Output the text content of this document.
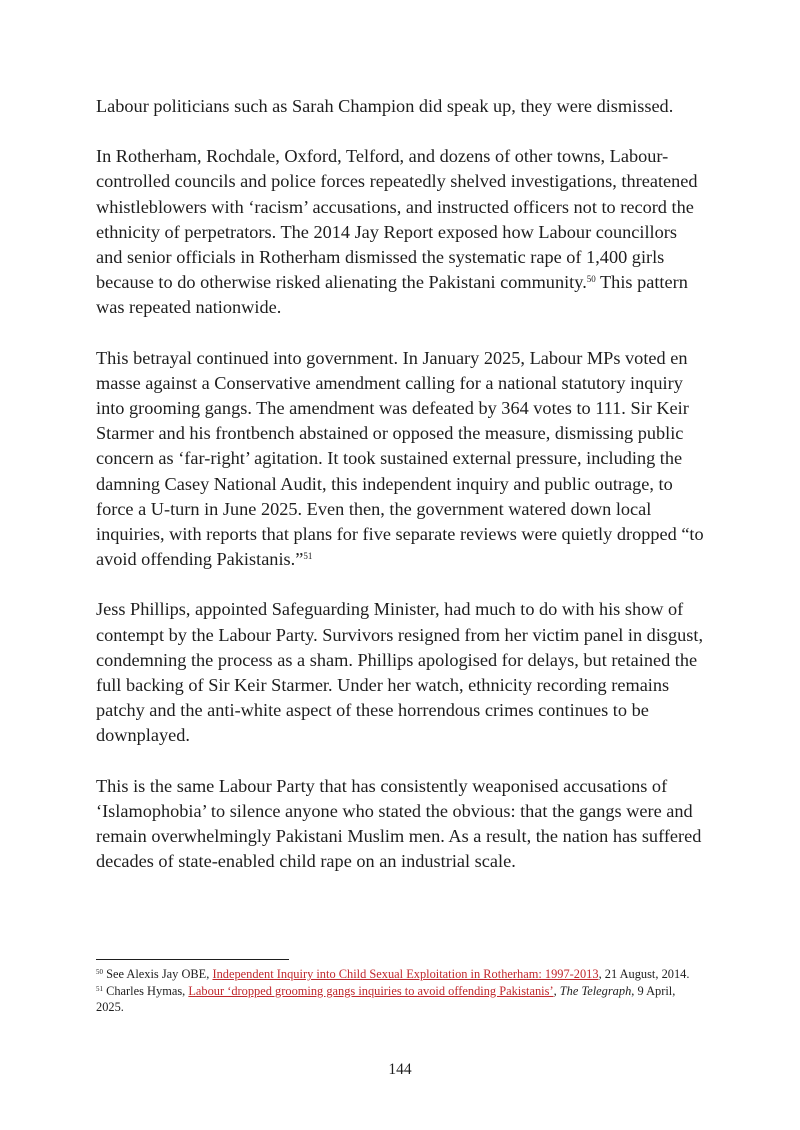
Labour politicians such as Sarah Champion did speak up, they were dismissed.

In Rotherham, Rochdale, Oxford, Telford, and dozens of other towns, Labour-controlled councils and police forces repeatedly shelved investigations, threatened whistleblowers with ‘racism’ accusations, and instructed officers not to record the ethnicity of perpetrators. The 2014 Jay Report exposed how Labour councillors and senior officials in Rotherham dismissed the systematic rape of 1,400 girls because to do otherwise risked alienating the Pakistani community.$^{50}$ This pattern was repeated nationwide.

This betrayal continued into government. In January 2025, Labour MPs voted en masse against a Conservative amendment calling for a national statutory inquiry into grooming gangs. The amendment was defeated by 364 votes to 111. Sir Keir Starmer and his frontbench abstained or opposed the measure, dismissing public concern as ‘far-right’ agitation. It took sustained external pressure, including the damning Casey National Audit, this independent inquiry and public outrage, to force a U-turn in June 2025. Even then, the government watered down local inquiries, with reports that plans for five separate reviews were quietly dropped “to avoid offending Pakistanis.”$^{51}$

Jess Phillips, appointed Safeguarding Minister, had much to do with his show of contempt by the Labour Party. Survivors resigned from her victim panel in disgust, condemning the process as a sham. Phillips apologised for delays, but retained the full backing of Sir Keir Starmer. Under her watch, ethnicity recording remains patchy and the anti-white aspect of these horrendous crimes continues to be downplayed.

This is the same Labour Party that has consistently weaponised accusations of ‘Islamophobia’ to silence anyone who stated the obvious: that the gangs were and remain overwhelmingly Pakistani Muslim men. As a result, the nation has suffered decades of state-enabled child rape on an industrial scale.

$^{50}$ See Alexis Jay OBE, Independent Inquiry into Child Sexual Exploitation in Rotherham: 1997-2013, 21 August, 2014.

$^{51}$ Charles Hymas, Labour ‘dropped grooming gangs inquiries to avoid offending Pakistanis’, The Telegraph, 9 April, 2025.

144
